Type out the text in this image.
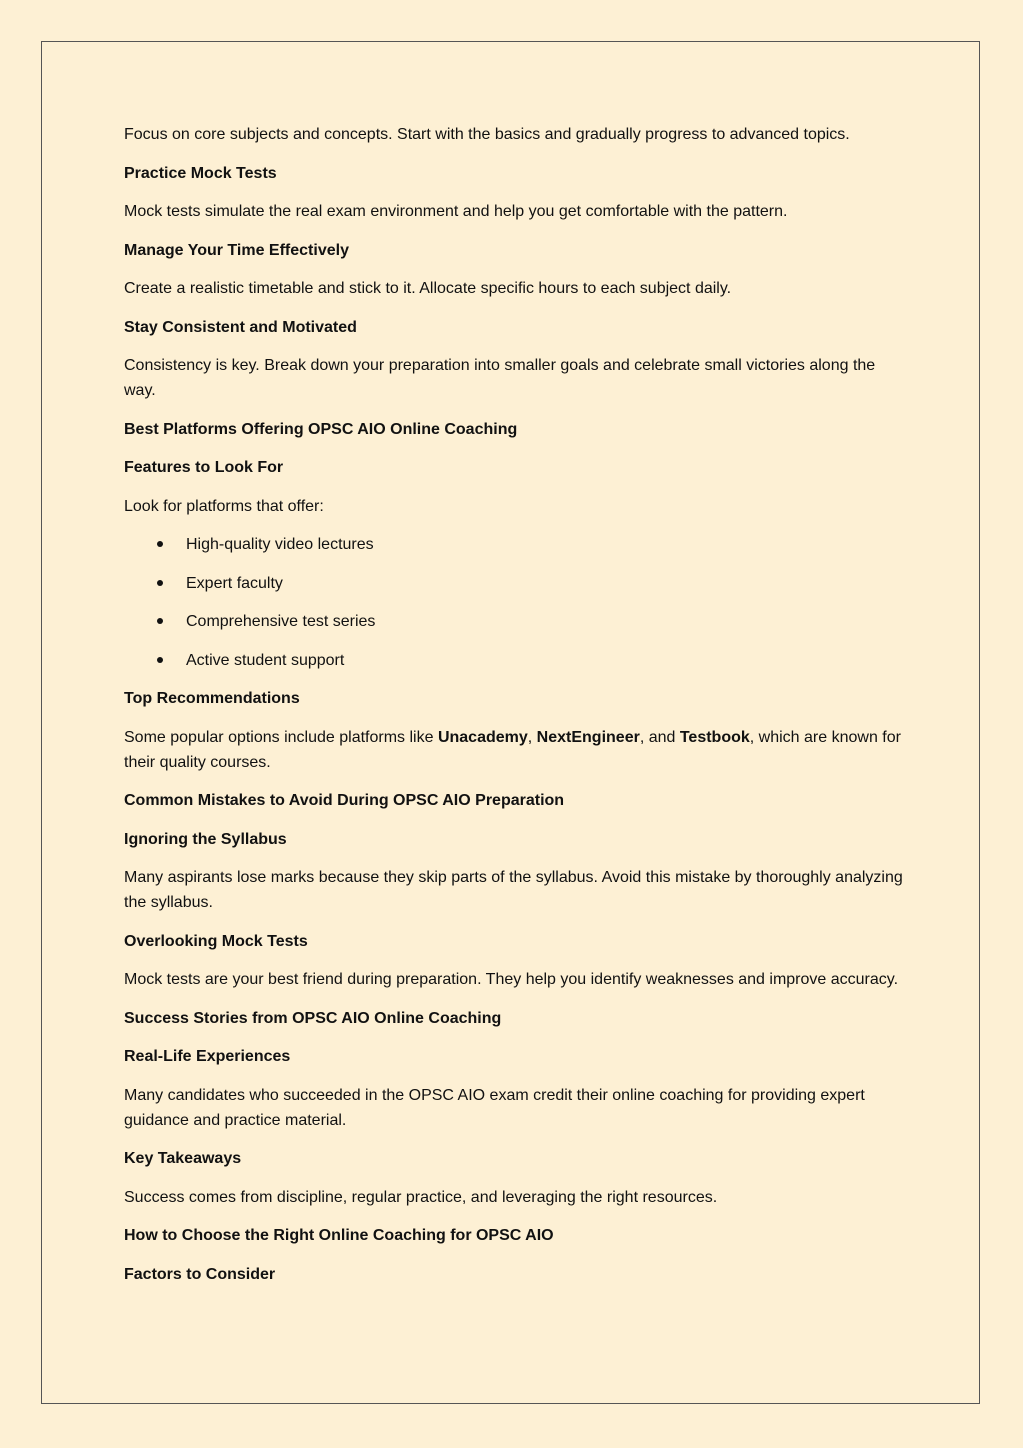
Focus on core subjects and concepts. Start with the basics and gradually progress to advanced topics.

Practice Mock Tests

Mock tests simulate the real exam environment and help you get comfortable with the pattern.

Manage Your Time Effectively

Create a realistic timetable and stick to it. Allocate specific hours to each subject daily.

Stay Consistent and Motivated

Consistency is key. Break down your preparation into smaller goals and celebrate small victories along the way.

Best Platforms Offering OPSC AIO Online Coaching

Features to Look For

Look for platforms that offer:

High-quality video lectures
Expert faculty
Comprehensive test series
Active student support

Top Recommendations

Some popular options include platforms like Unacademy, NextEngineer, and Testbook, which are known for their quality courses.

Common Mistakes to Avoid During OPSC AIO Preparation

Ignoring the Syllabus

Many aspirants lose marks because they skip parts of the syllabus. Avoid this mistake by thoroughly analyzing the syllabus.

Overlooking Mock Tests

Mock tests are your best friend during preparation. They help you identify weaknesses and improve accuracy.

Success Stories from OPSC AIO Online Coaching

Real-Life Experiences

Many candidates who succeeded in the OPSC AIO exam credit their online coaching for providing expert guidance and practice material.

Key Takeaways

Success comes from discipline, regular practice, and leveraging the right resources.

How to Choose the Right Online Coaching for OPSC AIO

Factors to Consider
